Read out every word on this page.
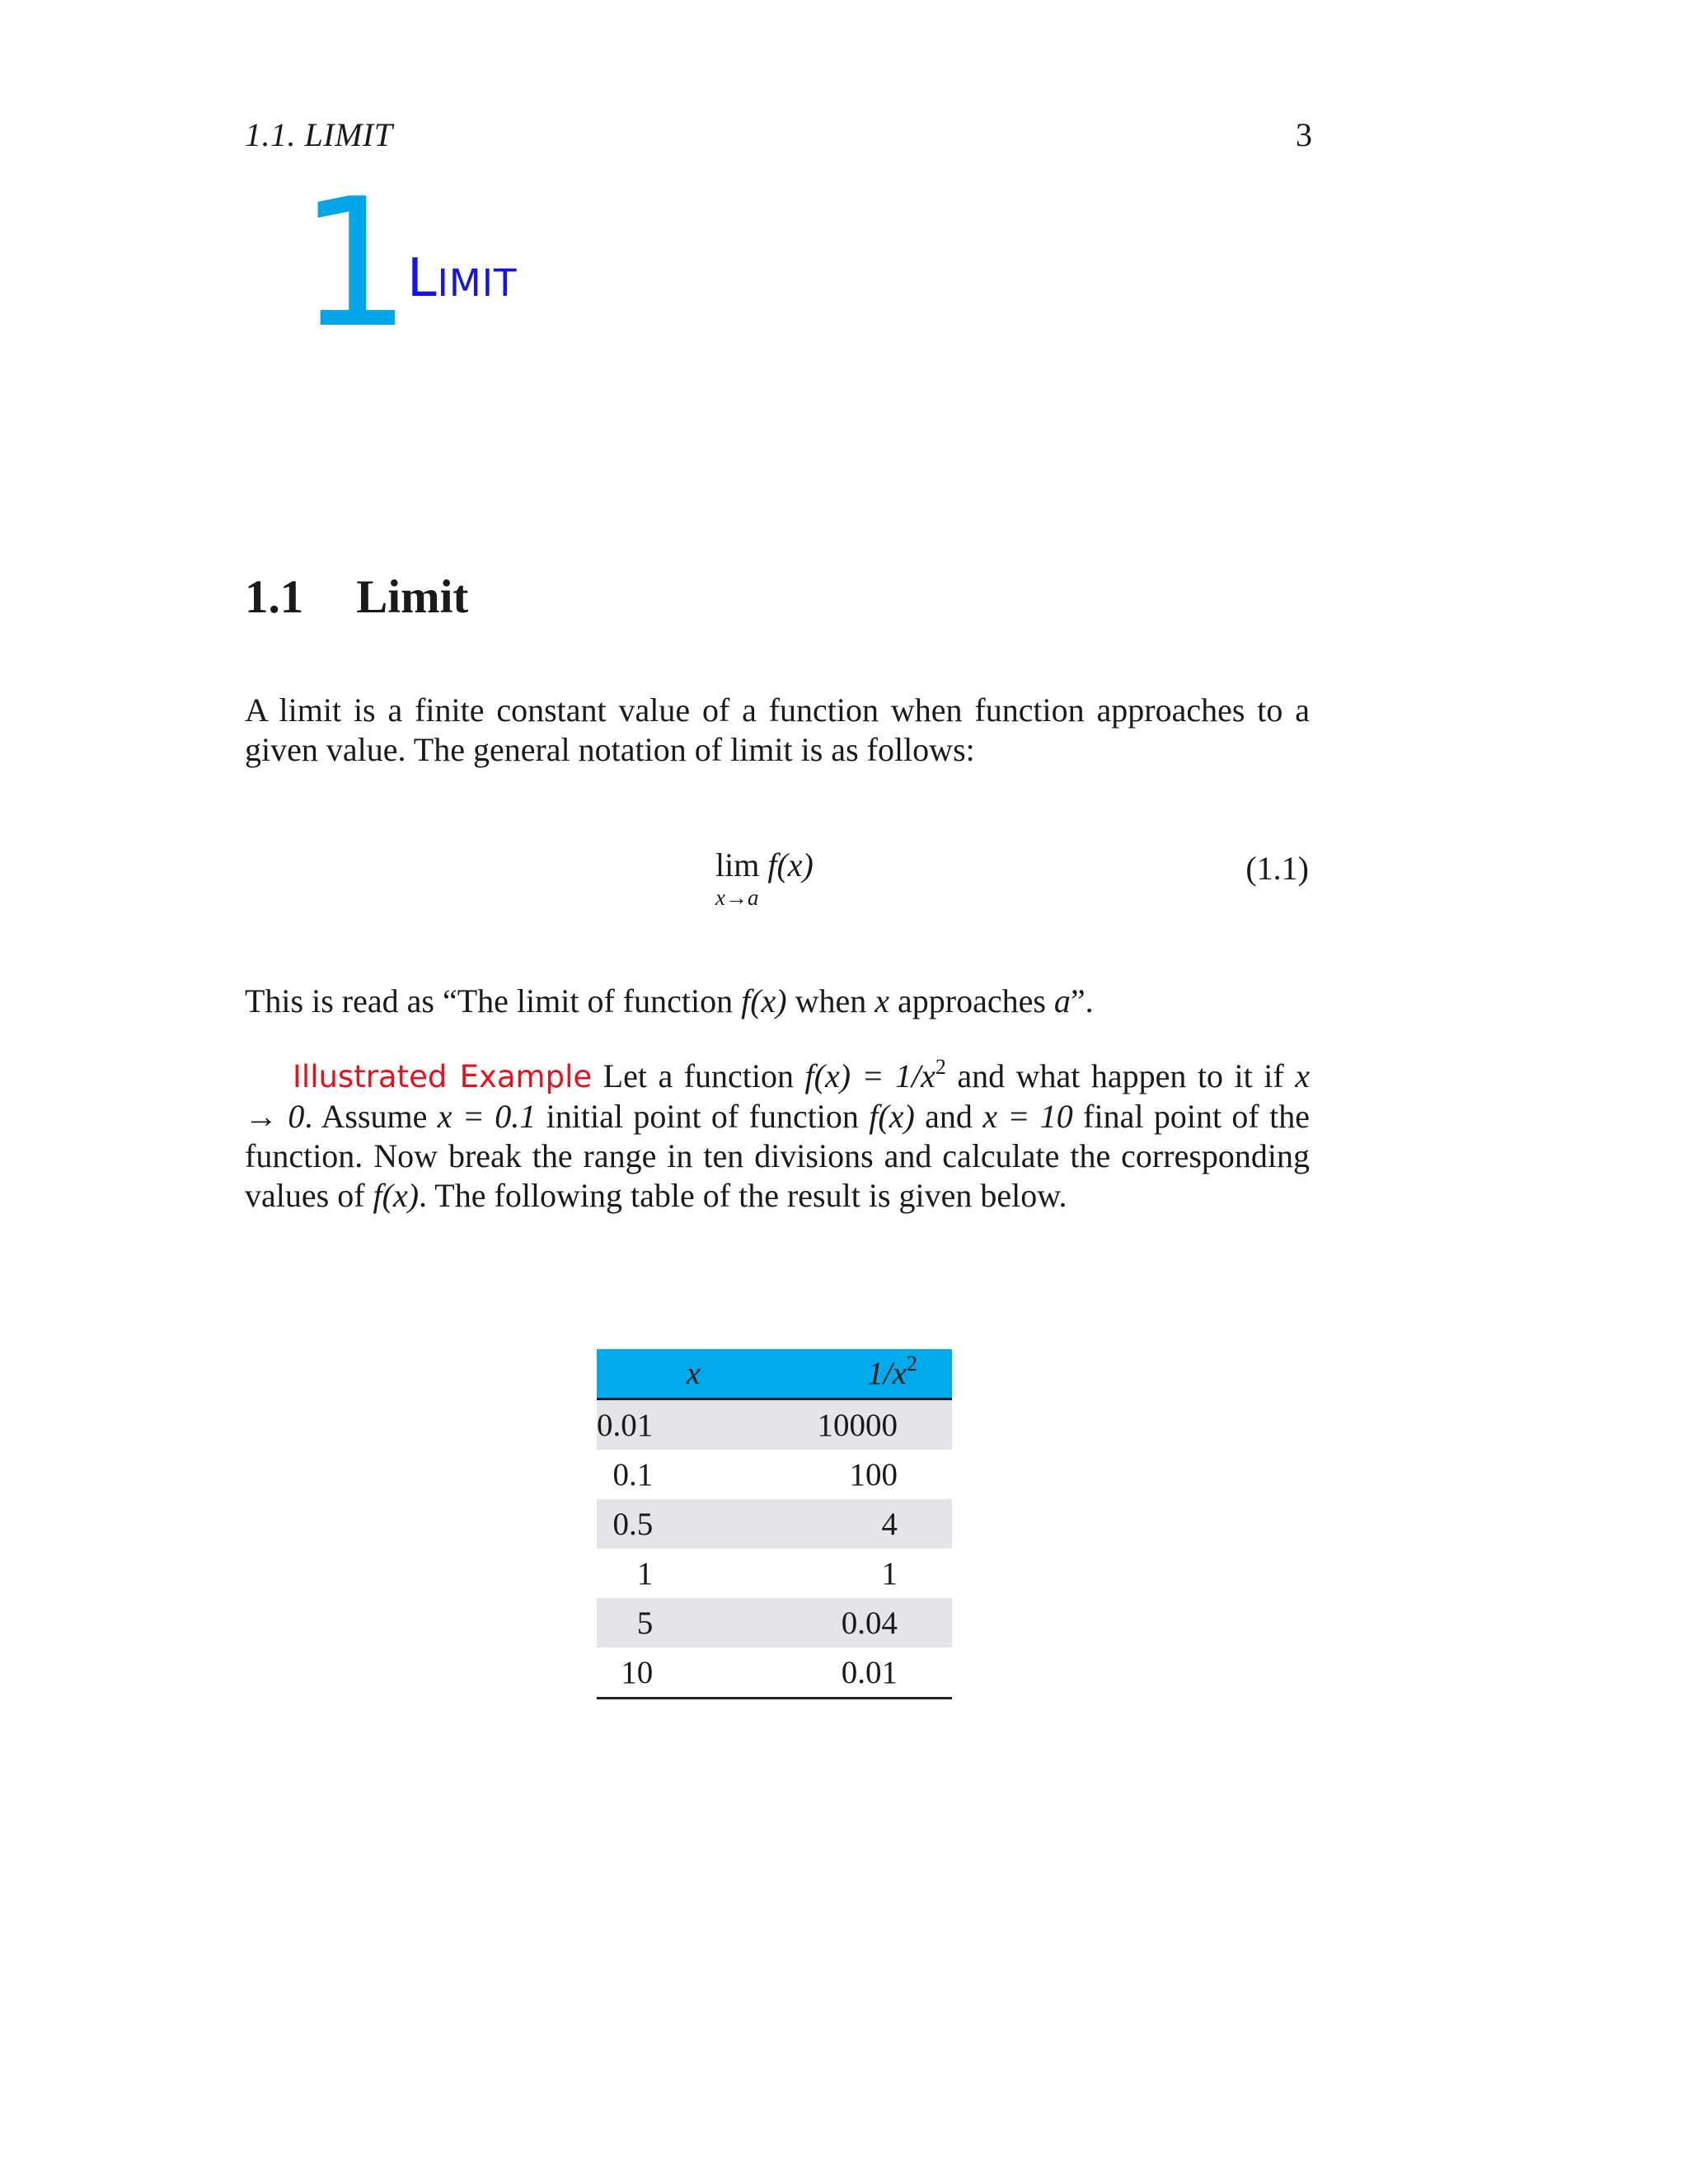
1.1. LIMIT	3
1 Limit
1.1 Limit
A limit is a finite constant value of a function when function approaches to a given value. The general notation of limit is as follows:
lim f(x)
x→a
(1.1)
This is read as “The limit of function f(x) when x approaches a”.
Illustrated Example Let a function $f(x) = 1/x^2$ and what happen to it if x → 0. Assume x = 0.1 initial point of function f(x) and x = 10 final point of the function. Now break the range in ten divisions and calculate the corresponding values of f(x). The following table of the result is given below.
x	$1/x^2$
0.01	10000
0.1	100
0.5	4
1	1
5	0.04
10	0.01
